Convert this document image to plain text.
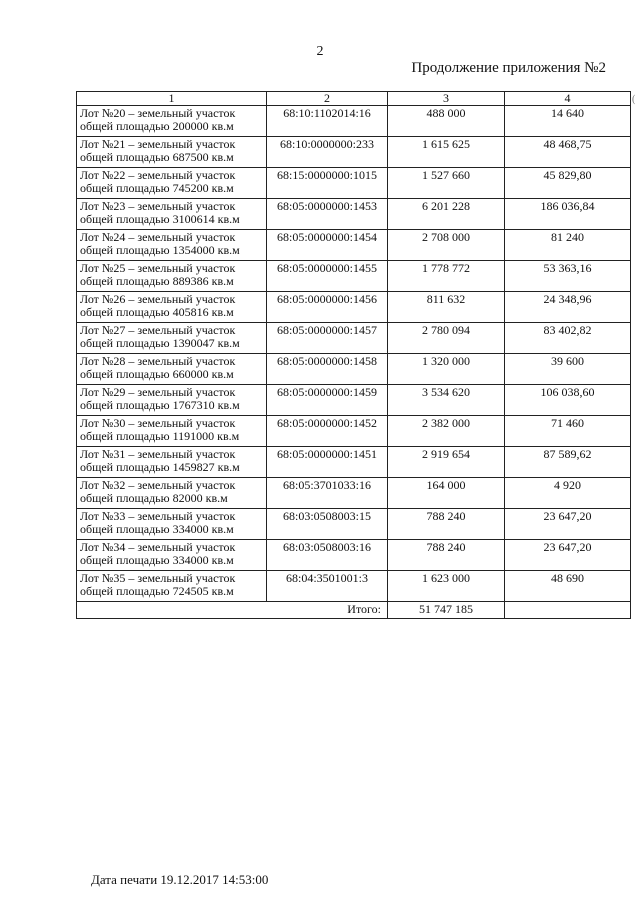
2
Продолжение приложения №2
(
1	2	3	4

Лот №20 – земельный участок
общей площадью 200000 кв.м	68:10:1102014:16	488 000	14 640

Лот №21 – земельный участок
общей площадью 687500 кв.м	68:10:0000000:233	1 615 625	48 468,75

Лот №22 – земельный участок
общей площадью 745200 кв.м	68:15:0000000:1015	1 527 660	45 829,80

Лот №23 – земельный участок
общей площадью 3100614 кв.м	68:05:0000000:1453	6 201 228	186 036,84

Лот №24 – земельный участок
общей площадью 1354000 кв.м	68:05:0000000:1454	2 708 000	81 240

Лот №25 – земельный участок
общей площадью 889386 кв.м	68:05:0000000:1455	1 778 772	53 363,16

Лот №26 – земельный участок
общей площадью 405816 кв.м	68:05:0000000:1456	811 632	24 348,96

Лот №27 – земельный участок
общей площадью 1390047 кв.м	68:05:0000000:1457	2 780 094	83 402,82

Лот №28 – земельный участок
общей площадью 660000 кв.м	68:05:0000000:1458	1 320 000	39 600

Лот №29 – земельный участок
общей площадью 1767310 кв.м	68:05:0000000:1459	3 534 620	106 038,60

Лот №30 – земельный участок
общей площадью 1191000 кв.м	68:05:0000000:1452	2 382 000	71 460

Лот №31 – земельный участок
общей площадью 1459827 кв.м	68:05:0000000:1451	2 919 654	87 589,62

Лот №32 – земельный участок
общей площадью 82000 кв.м	68:05:3701033:16	164 000	4 920

Лот №33 – земельный участок
общей площадью 334000 кв.м	68:03:0508003:15	788 240	23 647,20

Лот №34 – земельный участок
общей площадью 334000 кв.м	68:03:0508003:16	788 240	23 647,20

Лот №35 – земельный участок
общей площадью 724505 кв.м	68:04:3501001:3	1 623 000	48 690
Итого:		51 747 185	
Дата печати 19.12.2017 14:53:00
